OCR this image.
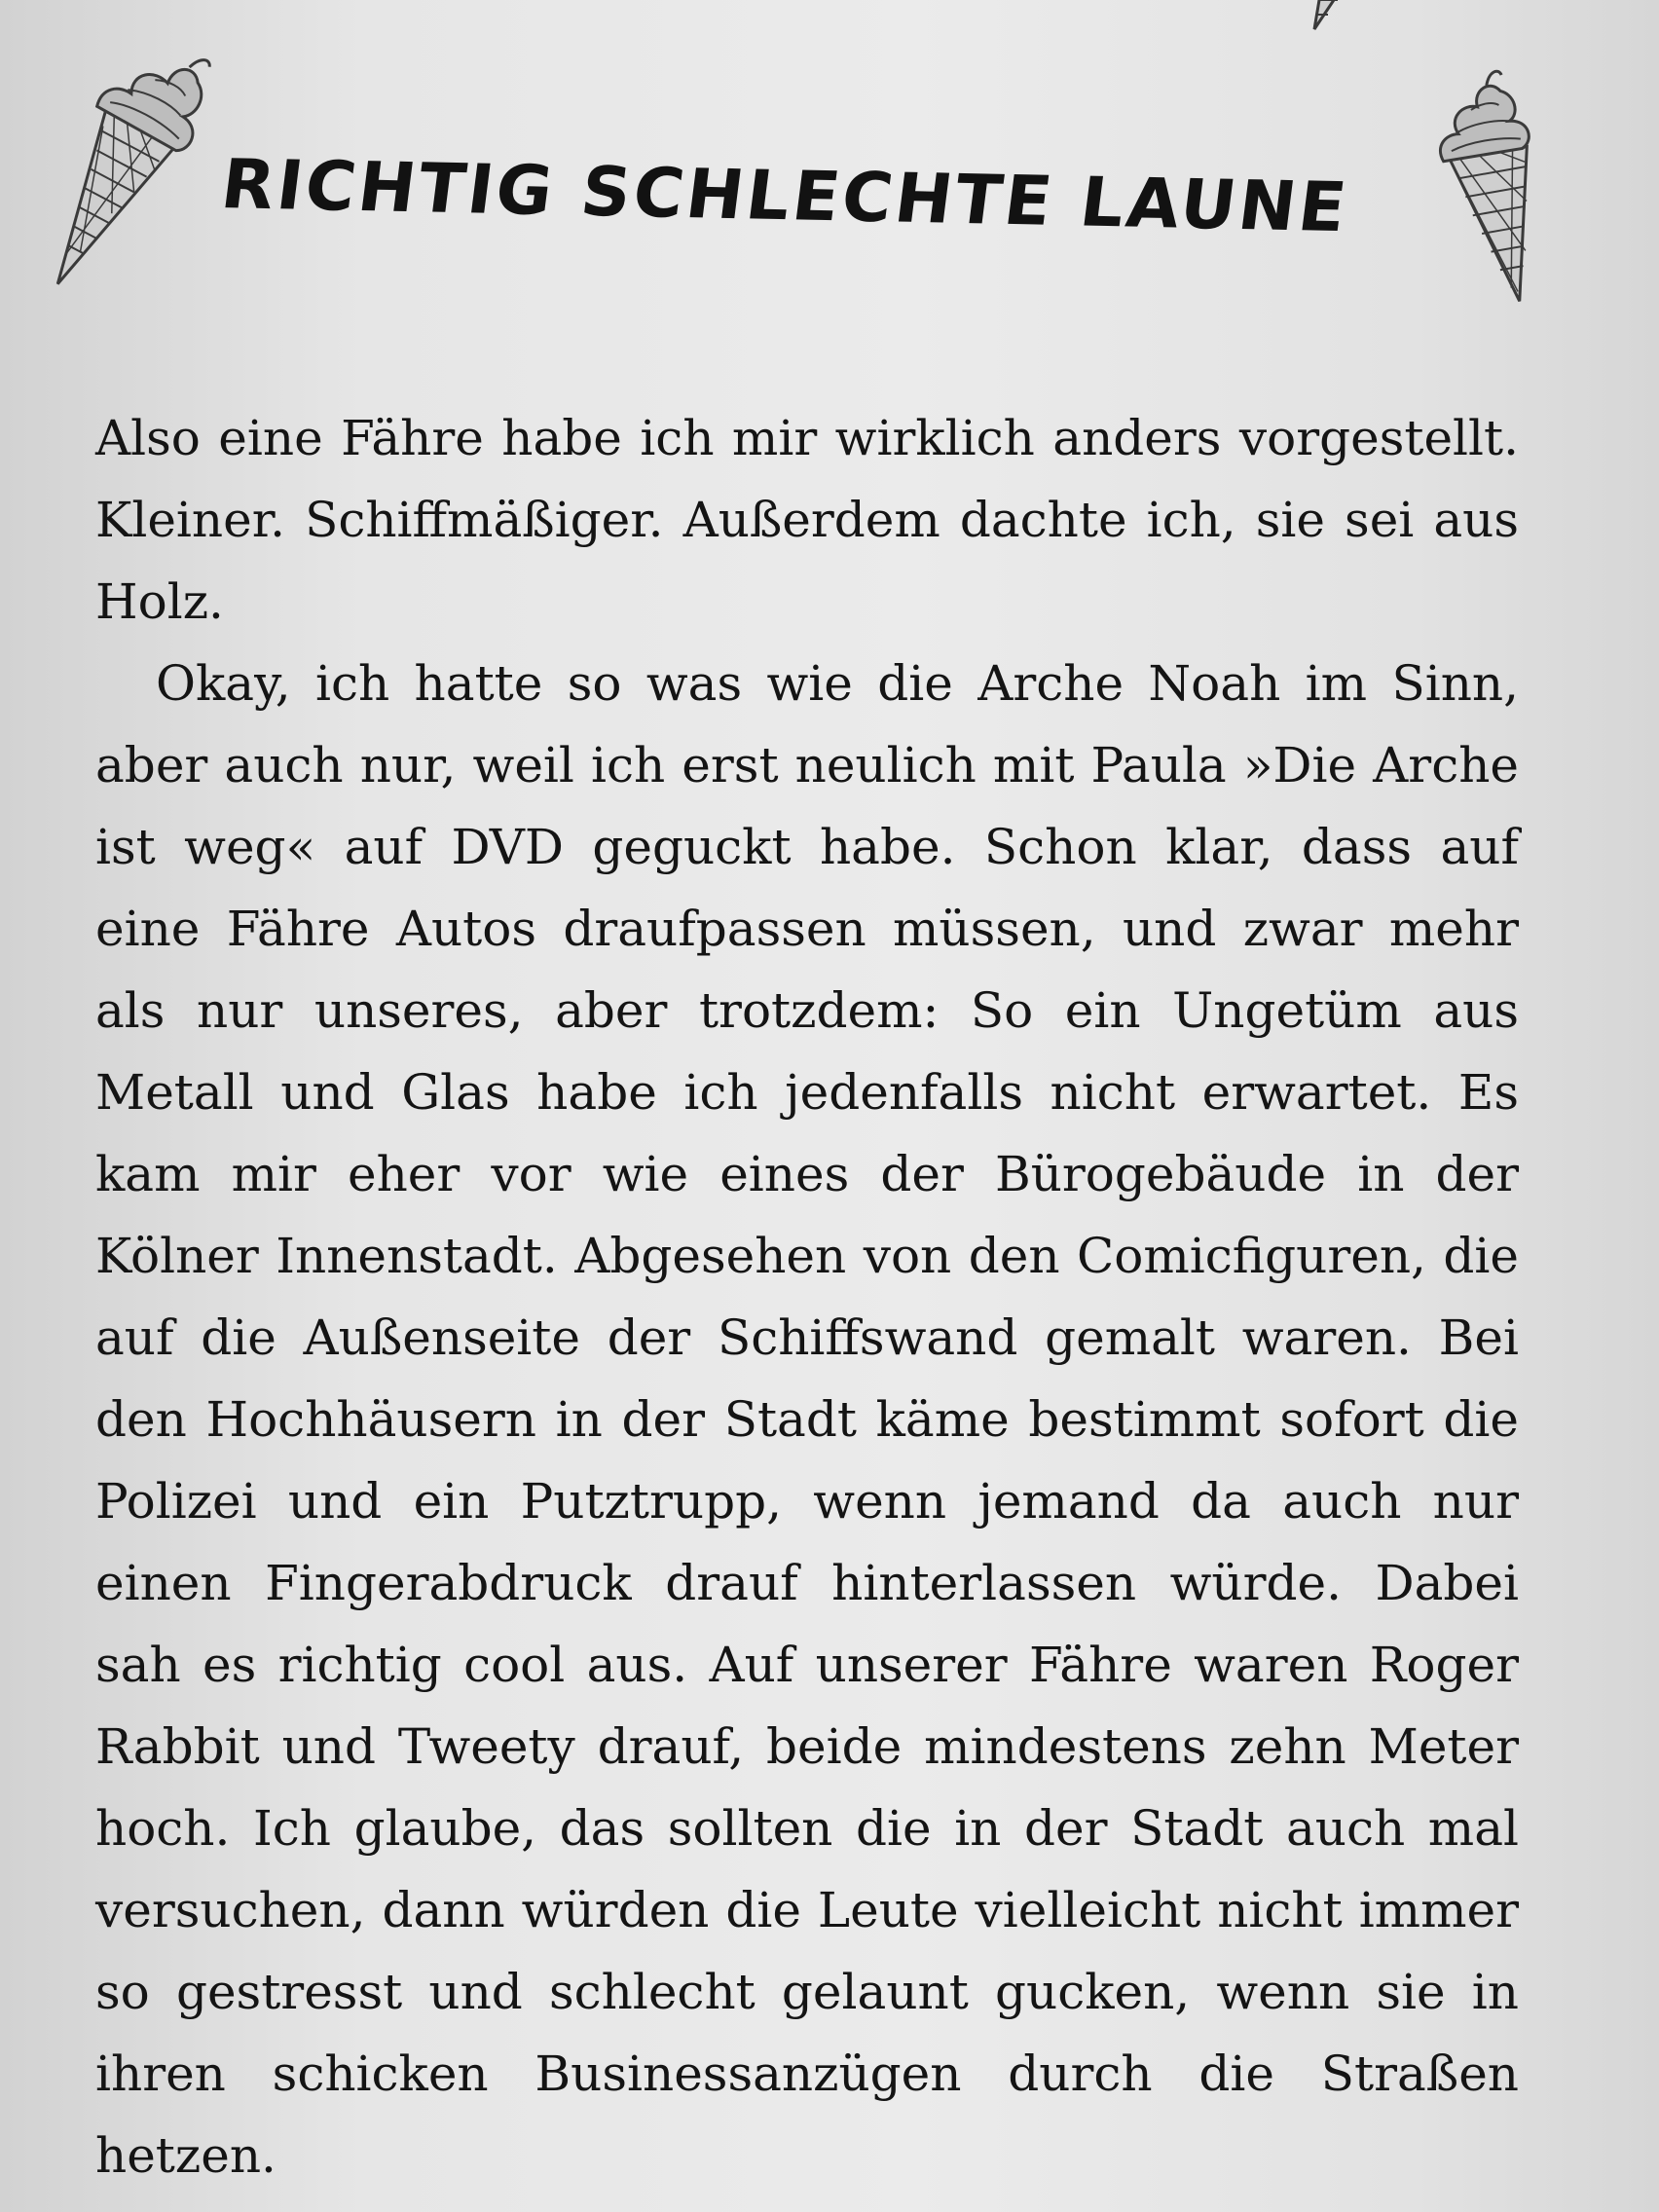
RICHTIG SCHLECHTE LAUNE

Also eine Fähre habe ich mir wirklich anders vorgestellt. Kleiner. Schiffmäßiger. Außerdem dachte ich, sie sei aus Holz.

Okay, ich hatte so was wie die Arche Noah im Sinn, aber auch nur, weil ich erst neulich mit Paula »Die Arche ist weg« auf DVD geguckt habe. Schon klar, dass auf eine Fähre Autos draufpassen müssen, und zwar mehr als nur unseres, aber trotzdem: So ein Ungetüm aus Metall und Glas habe ich jedenfalls nicht erwartet. Es kam mir eher vor wie eines der Bürogebäude in der Kölner Innenstadt. Abgesehen von den Comicfiguren, die auf die Außenseite der Schiffswand gemalt waren. Bei den Hochhäusern in der Stadt käme bestimmt sofort die Polizei und ein Putztrupp, wenn jemand da auch nur einen Fingerabdruck drauf hinterlassen würde. Dabei sah es richtig cool aus. Auf unserer Fähre waren Roger Rabbit und Tweety drauf, beide mindestens zehn Meter hoch. Ich glaube, das sollten die in der Stadt auch mal versuchen, dann würden die Leute vielleicht nicht immer so gestresst und schlecht gelaunt gucken, wenn sie in ihren schicken Businessanzügen durch die Straßen hetzen.
